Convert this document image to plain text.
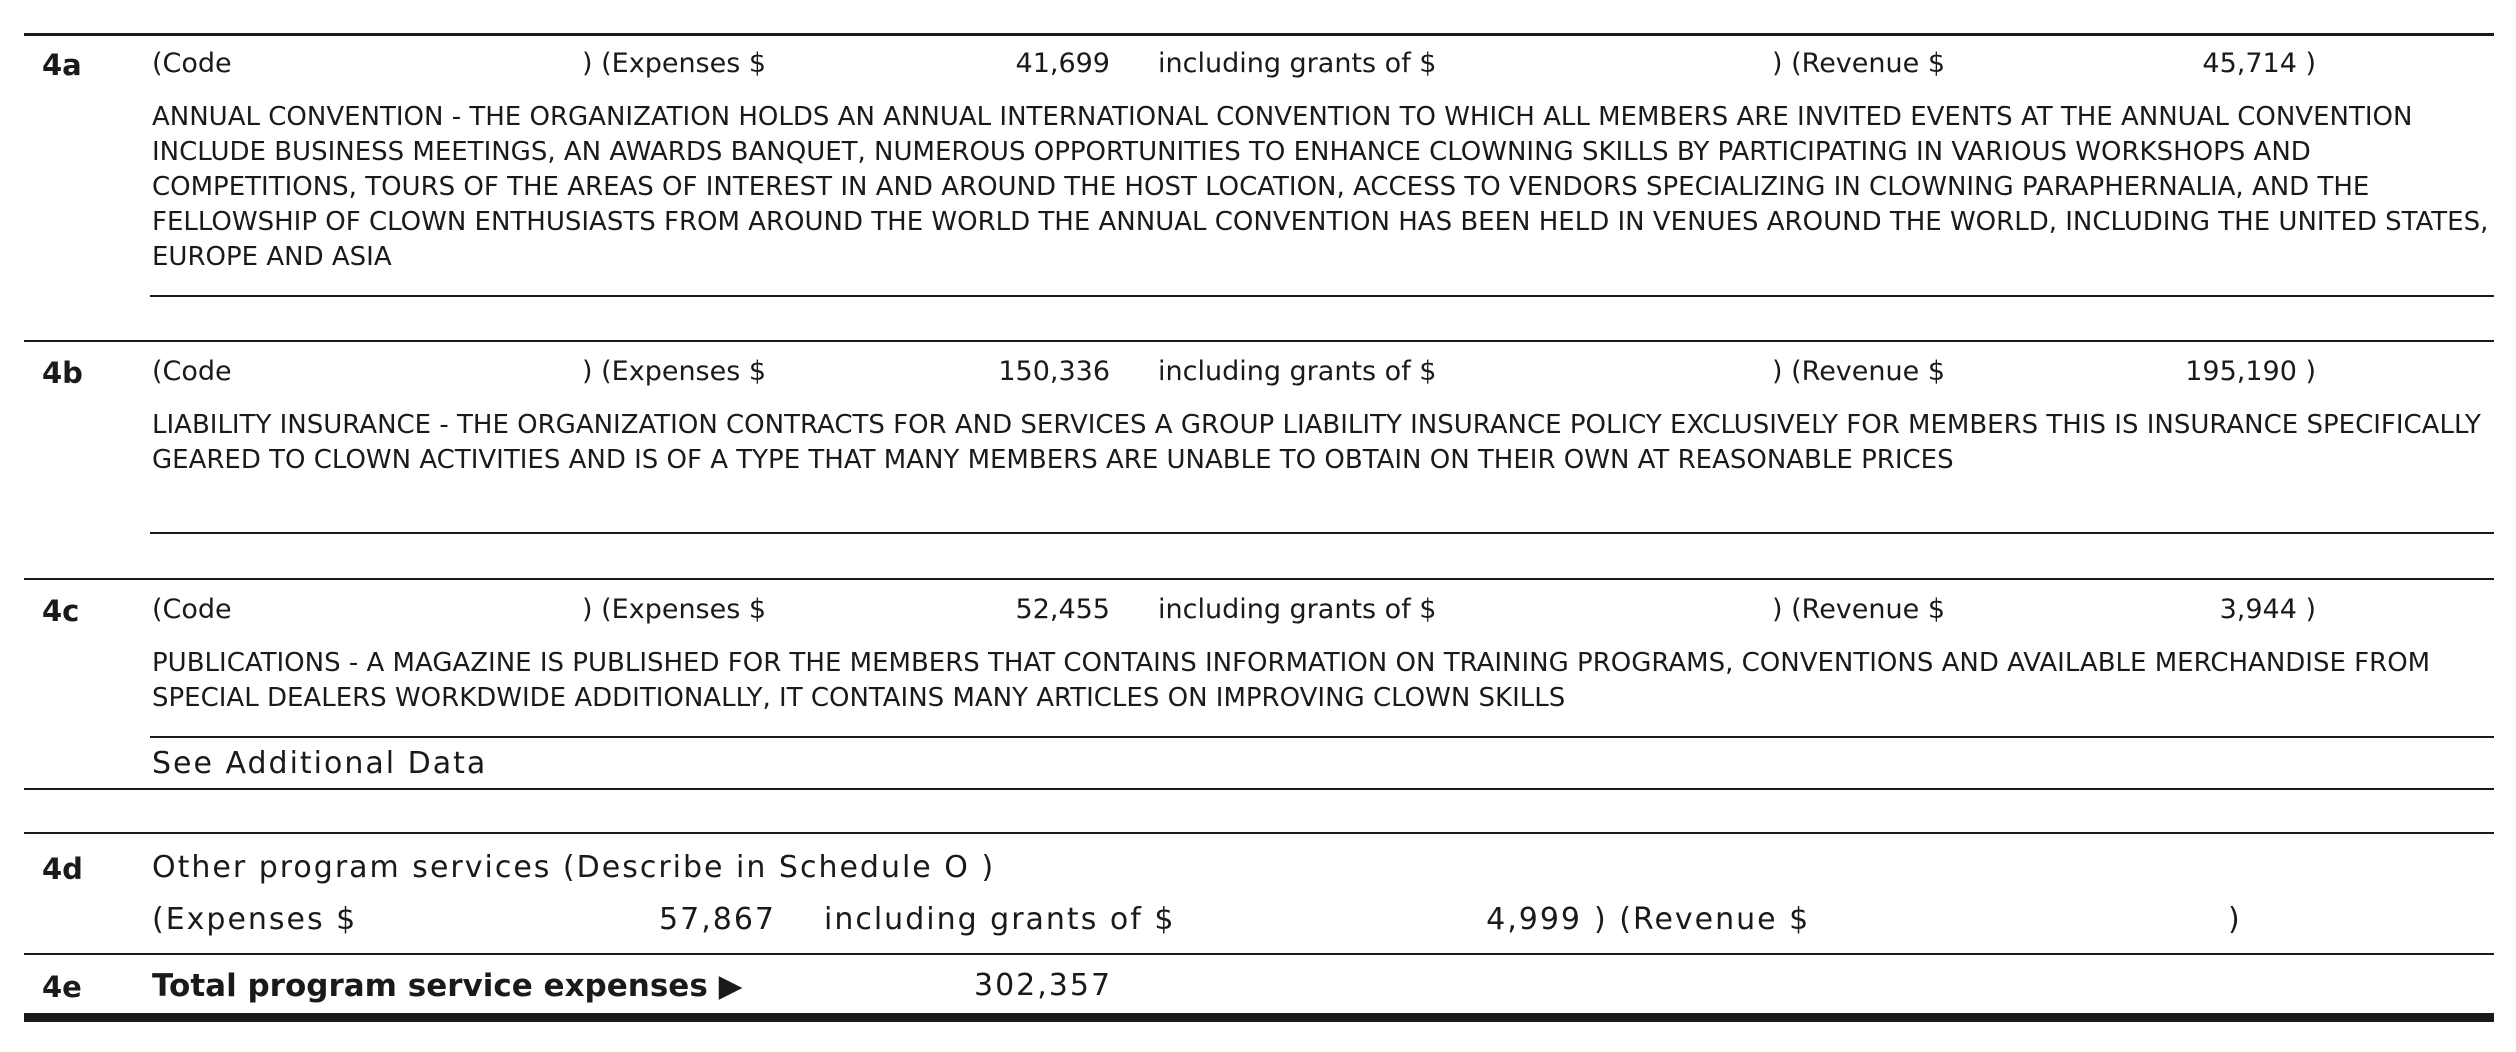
4a	(Code	) (Expenses $	41,699 including grants of $	) (Revenue $	45,714 )
ANNUAL CONVENTION - THE ORGANIZATION HOLDS AN ANNUAL INTERNATIONAL CONVENTION TO WHICH ALL MEMBERS ARE INVITED EVENTS AT THE ANNUAL CONVENTION INCLUDE BUSINESS MEETINGS, AN AWARDS BANQUET, NUMEROUS OPPORTUNITIES TO ENHANCE CLOWNING SKILLS BY PARTICIPATING IN VARIOUS WORKSHOPS AND COMPETITIONS, TOURS OF THE AREAS OF INTEREST IN AND AROUND THE HOST LOCATION, ACCESS TO VENDORS SPECIALIZING IN CLOWNING PARAPHERNALIA, AND THE FELLOWSHIP OF CLOWN ENTHUSIASTS FROM AROUND THE WORLD THE ANNUAL CONVENTION HAS BEEN HELD IN VENUES AROUND THE WORLD, INCLUDING THE UNITED STATES, EUROPE AND ASIA
4b	(Code	) (Expenses $	150,336 including grants of $	) (Revenue $	195,190 )
LIABILITY INSURANCE - THE ORGANIZATION CONTRACTS FOR AND SERVICES A GROUP LIABILITY INSURANCE POLICY EXCLUSIVELY FOR MEMBERS THIS IS INSURANCE SPECIFICALLY GEARED TO CLOWN ACTIVITIES AND IS OF A TYPE THAT MANY MEMBERS ARE UNABLE TO OBTAIN ON THEIR OWN AT REASONABLE PRICES
4c	(Code	) (Expenses $	52,455 including grants of $	) (Revenue $	3,944 )
PUBLICATIONS - A MAGAZINE IS PUBLISHED FOR THE MEMBERS THAT CONTAINS INFORMATION ON TRAINING PROGRAMS, CONVENTIONS AND AVAILABLE MERCHANDISE FROM SPECIAL DEALERS WORKDWIDE ADDITIONALLY, IT CONTAINS MANY ARTICLES ON IMPROVING CLOWN SKILLS
See Additional Data
4d Other program services (Describe in Schedule O )
(Expenses $	57,867 including grants of $	4,999 ) (Revenue $	)
4e Total program service expenses ▶	302,357
